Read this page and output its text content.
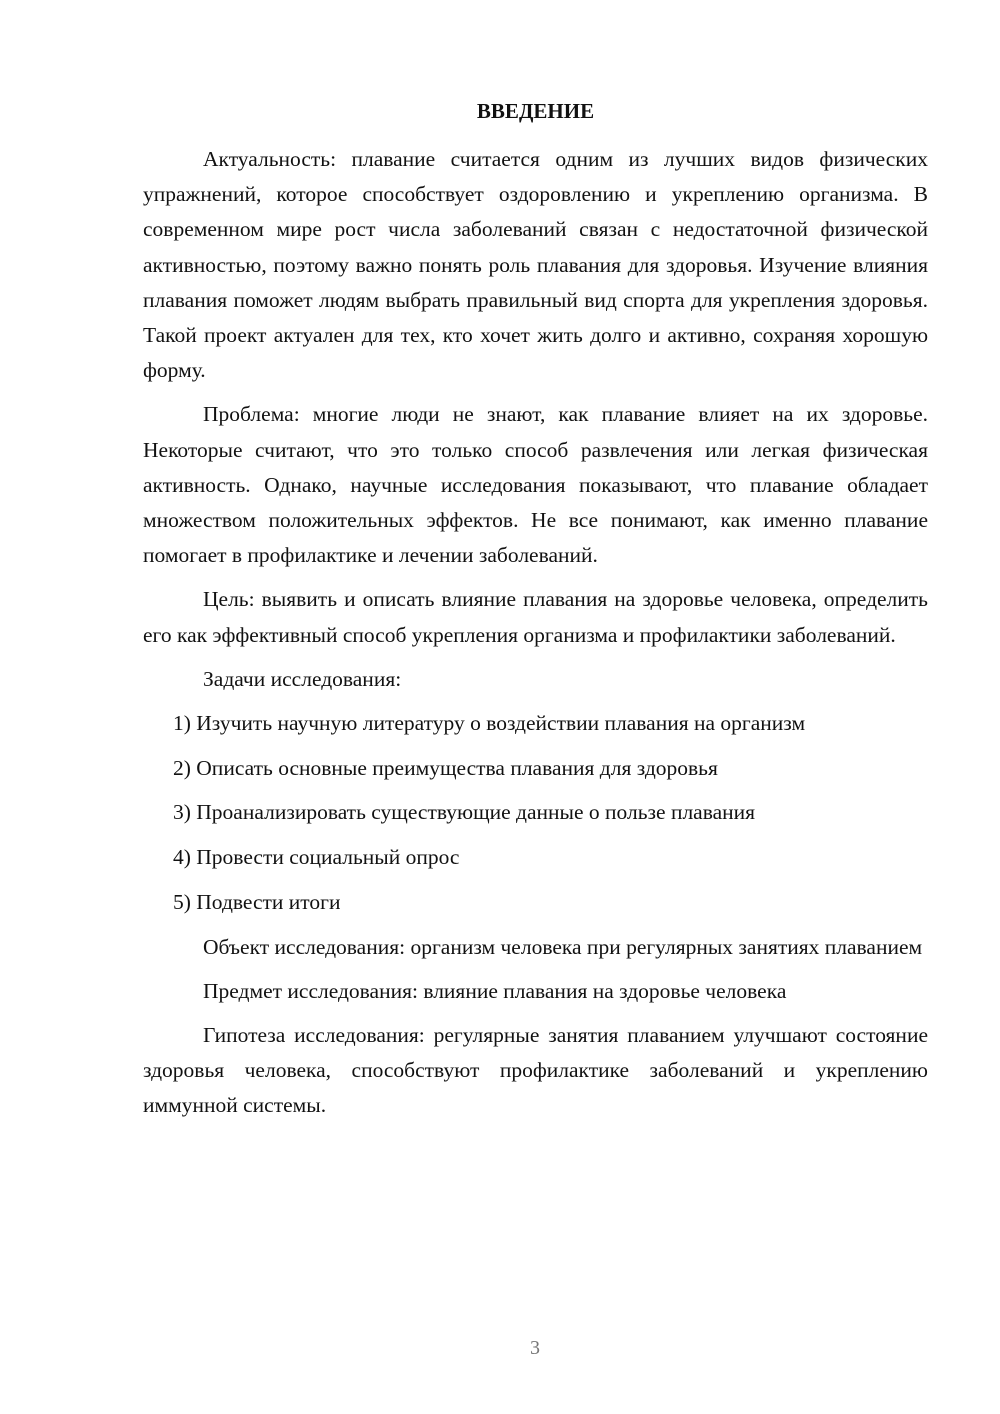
ВВЕДЕНИЕ

Актуальность: плавание считается одним из лучших видов физических упражнений, которое способствует оздоровлению и укреплению организма. В современном мире рост числа заболеваний связан с недостаточной физической активностью, поэтому важно понять роль плавания для здоровья. Изучение влияния плавания поможет людям выбрать правильный вид спорта для укрепления здоровья. Такой проект актуален для тех, кто хочет жить долго и активно, сохраняя хорошую форму.

Проблема: многие люди не знают, как плавание влияет на их здоровье. Некоторые считают, что это только способ развлечения или легкая физическая активность. Однако, научные исследования показывают, что плавание обладает множеством положительных эффектов. Не все понимают, как именно плавание помогает в профилактике и лечении заболеваний.

Цель: выявить и описать влияние плавания на здоровье человека, определить его как эффективный способ укрепления организма и профилактики заболеваний.

Задачи исследования:

1) Изучить научную литературу о воздействии плавания на организм
2) Описать основные преимущества плавания для здоровья
3) Проанализировать существующие данные о пользе плавания
4) Провести социальный опрос
5) Подвести итоги

Объект исследования: организм человека при регулярных занятиях плаванием

Предмет исследования: влияние плавания на здоровье человека

Гипотеза исследования: регулярные занятия плаванием улучшают состояние здоровья человека, способствуют профилактике заболеваний и укреплению иммунной системы.

3
